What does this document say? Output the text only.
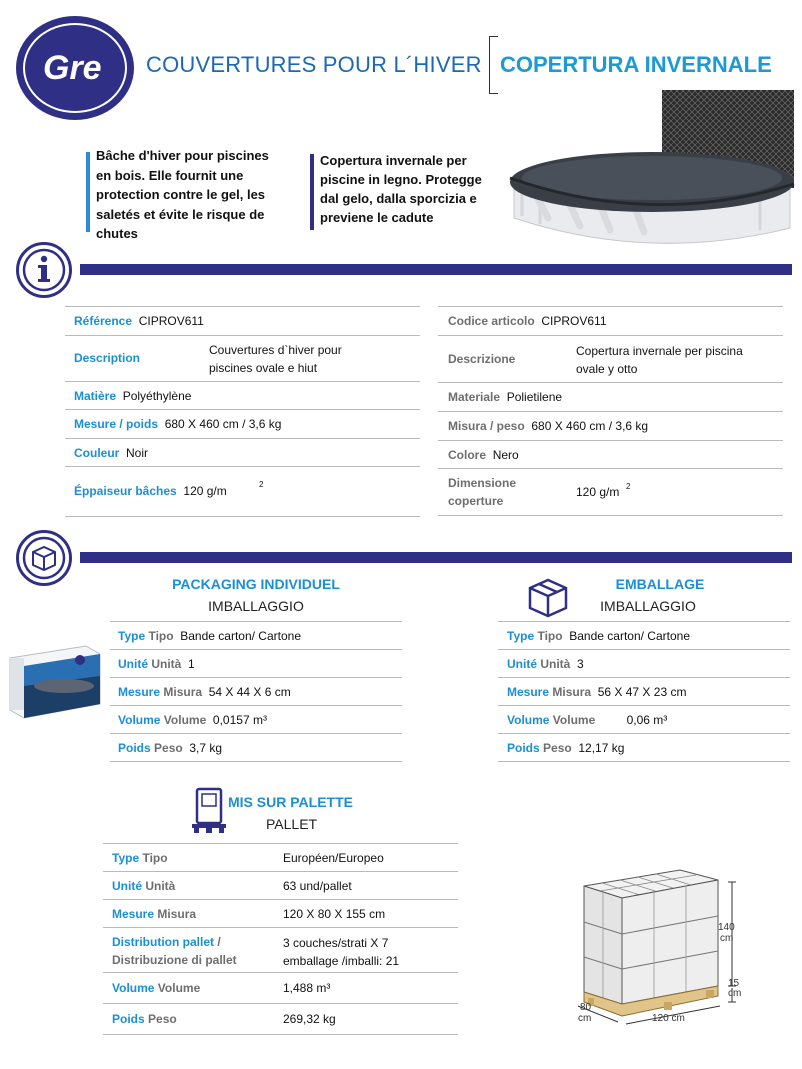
Gre COUVERTURES POUR L´HIVER COPERTURA INVERNALE
Bâche d'hiver pour piscines
en bois. Elle fournit une
protection contre le gel, les
saletés et évite le risque de
chutes
Copertura invernale per
piscine in legno. Protegge
dal gelo, dalla sporcizia e
previene le cadute
Référence CIPROV611
Description
Couvertures d`hiver pour
piscines ovale e hiut
Matière Polyéthylène
Mesure / poids 680 X 460 cm / 3,6 kg
Couleur Noir
Éppaiseur bâches 120 g/m	2
Codice articolo CIPROV611
Descrizione
Copertura invernale per piscina
ovale y otto
Materiale Polietilene
Misura / peso 680 X 460 cm / 3,6 kg
Colore Nero
Dimensione
coperture
120 g/m 2
PACKAGING INDIVIDUEL
IMBALLAGGIO
Type Tipo Bande carton/ Cartone
Unité Unità 1
Mesure Misura 54 X 44 X 6 cm
Volume Volume 0,0157 m³
Poids Peso 3,7 kg
EMBALLAGE
IMBALLAGGIO
Type Tipo Bande carton/ Cartone
Unité Unità 3
Mesure Misura 56 X 47 X 23 cm
Volume Volume	0,06 m³
Poids Peso 12,17 kg
MIS SUR PALETTE
PALLET
Type Tipo	Européen/Europeo
Unité Unità	63 und/pallet
Mesure Misura	120 X 80 X 155 cm
Distribution pallet /
Distribuzione di pallet
3 couches/strati X 7
emballage /imballi: 21
Volume Volume	1,488 m³
Poids Peso	269,32 kg
140
cm
15
cm
80
cm	120 cm
